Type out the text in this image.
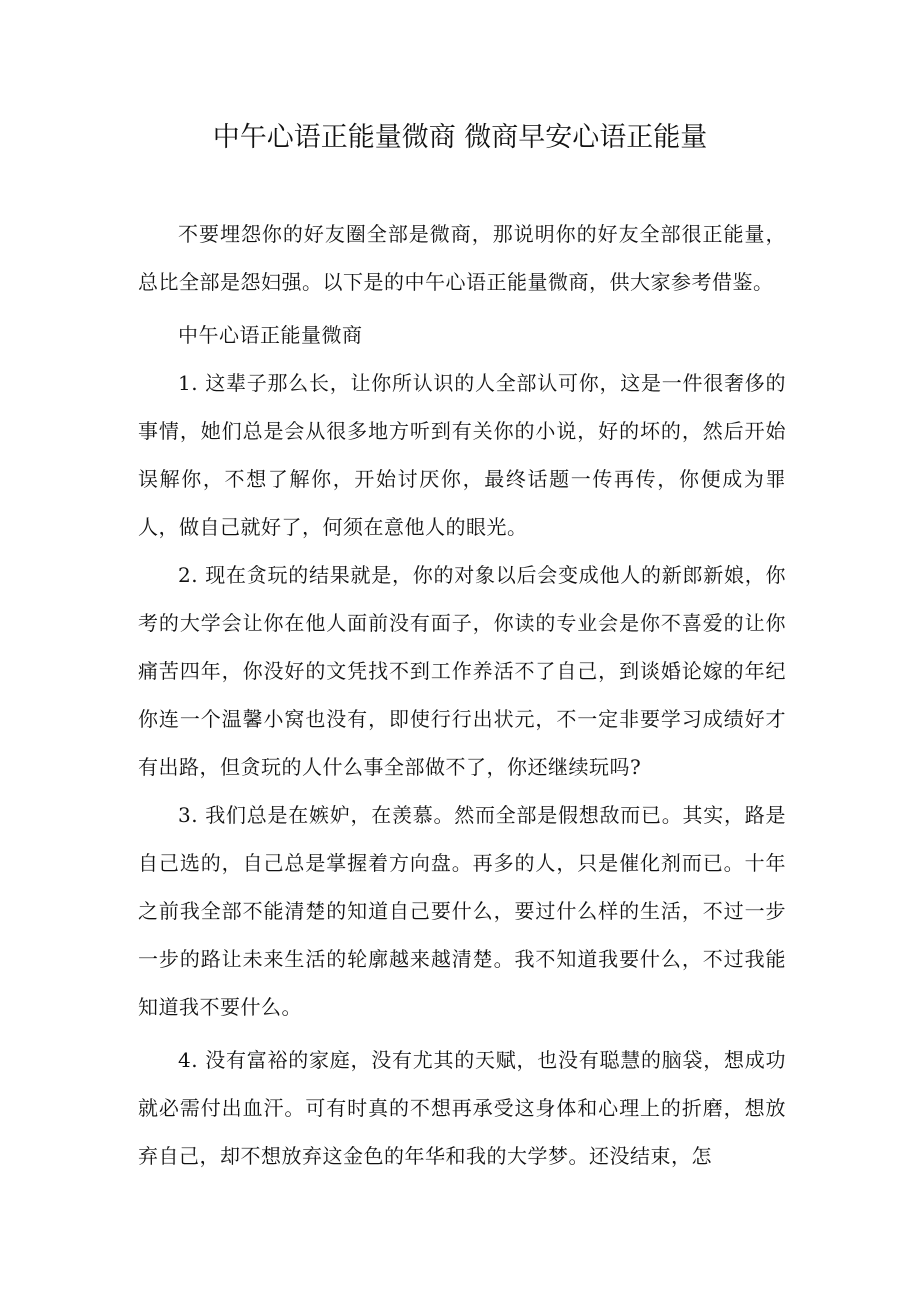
中午心语正能量微商 微商早安心语正能量

不要埋怨你的好友圈全部是微商，那说明你的好友全部很正能量，总比全部是怨妇强。以下是的中午心语正能量微商，供大家参考借鉴。

中午心语正能量微商

1. 这辈子那么长，让你所认识的人全部认可你，这是一件很奢侈的事情，她们总是会从很多地方听到有关你的小说，好的坏的，然后开始误解你，不想了解你，开始讨厌你，最终话题一传再传，你便成为罪人，做自己就好了，何须在意他人的眼光。

2. 现在贪玩的结果就是，你的对象以后会变成他人的新郎新娘，你考的大学会让你在他人面前没有面子，你读的专业会是你不喜爱的让你痛苦四年，你没好的文凭找不到工作养活不了自己，到谈婚论嫁的年纪你连一个温馨小窝也没有，即使行行出状元，不一定非要学习成绩好才有出路，但贪玩的人什么事全部做不了，你还继续玩吗?

3. 我们总是在嫉妒，在羡慕。然而全部是假想敌而已。其实，路是自己选的，自己总是掌握着方向盘。再多的人，只是催化剂而已。十年之前我全部不能清楚的知道自己要什么，要过什么样的生活，不过一步一步的路让未来生活的轮廓越来越清楚。我不知道我要什么，不过我能知道我不要什么。

4. 没有富裕的家庭，没有尤其的天赋，也没有聪慧的脑袋，想成功就必需付出血汗。可有时真的不想再承受这身体和心理上的折磨，想放弃自己，却不想放弃这金色的年华和我的大学梦。还没结束，怎
